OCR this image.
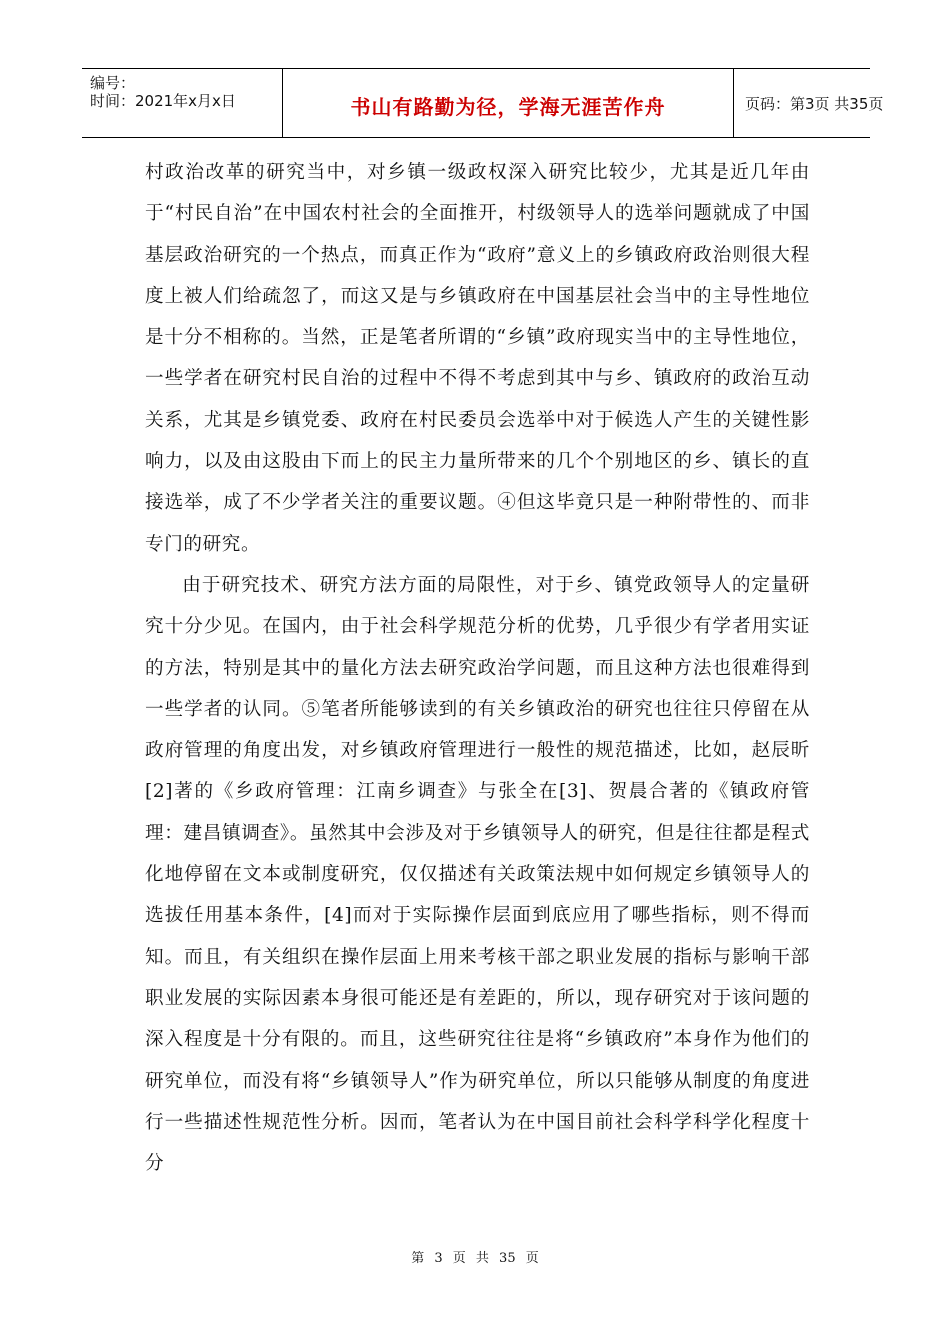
编号：
时间：2021年x月x日	书山有路勤为径，学海无涯苦作舟	页码：第3页 共35页

村政治改革的研究当中，对乡镇一级政权深入研究比较少，尤其是近几年由于“村民自治”在中国农村社会的全面推开，村级领导人的选举问题就成了中国基层政治研究的一个热点，而真正作为“政府”意义上的乡镇政府政治则很大程度上被人们给疏忽了，而这又是与乡镇政府在中国基层社会当中的主导性地位是十分不相称的。当然，正是笔者所谓的“乡镇”政府现实当中的主导性地位，一些学者在研究村民自治的过程中不得不考虑到其中与乡、镇政府的政治互动关系，尤其是乡镇党委、政府在村民委员会选举中对于候选人产生的关键性影响力，以及由这股由下而上的民主力量所带来的几个个别地区的乡、镇长的直接选举，成了不少学者关注的重要议题。④但这毕竟只是一种附带性的、而非专门的研究。

由于研究技术、研究方法方面的局限性，对于乡、镇党政领导人的定量研究十分少见。在国内，由于社会科学规范分析的优势，几乎很少有学者用实证的方法，特别是其中的量化方法去研究政治学问题，而且这种方法也很难得到一些学者的认同。⑤笔者所能够读到的有关乡镇政治的研究也往往只停留在从政府管理的角度出发，对乡镇政府管理进行一般性的规范描述，比如，赵辰昕[2]著的《乡政府管理：江南乡调查》与张全在[3]、贺晨合著的《镇政府管理：建昌镇调查》。虽然其中会涉及对于乡镇领导人的研究，但是往往都是程式化地停留在文本或制度研究，仅仅描述有关政策法规中如何规定乡镇领导人的选拔任用基本条件，[4]而对于实际操作层面到底应用了哪些指标，则不得而知。而且，有关组织在操作层面上用来考核干部之职业发展的指标与影响干部职业发展的实际因素本身很可能还是有差距的，所以，现存研究对于该问题的深入程度是十分有限的。而且，这些研究往往是将“乡镇政府”本身作为他们的研究单位，而没有将“乡镇领导人”作为研究单位，所以只能够从制度的角度进行一些描述性规范性分析。因而，笔者认为在中国目前社会科学科学化程度十分

第 3 页 共 35 页
